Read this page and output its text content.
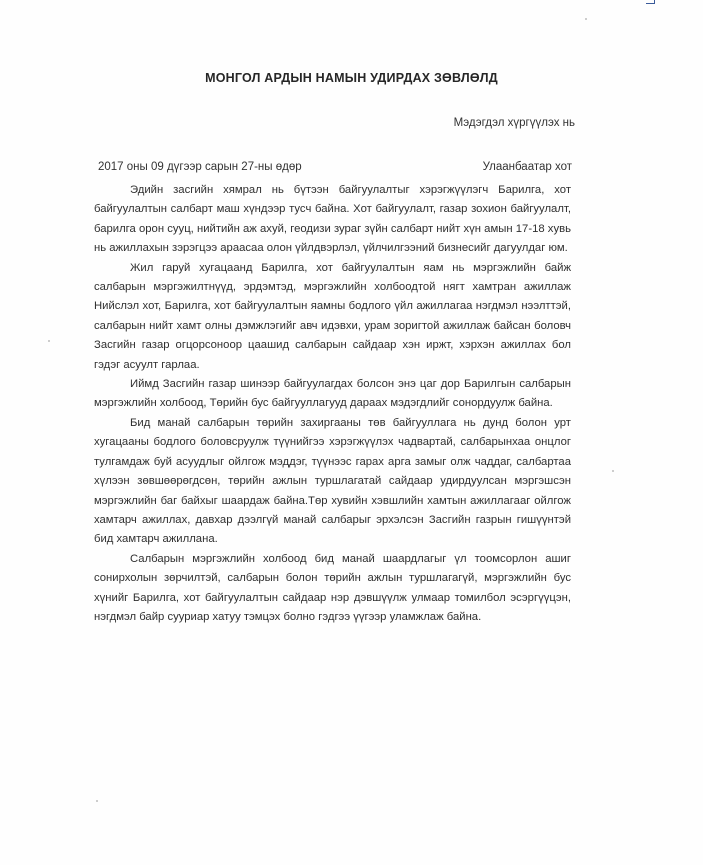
МОНГОЛ АРДЫН НАМЫН УДИРДАХ ЗӨВЛӨЛД
Мэдэгдэл хүргүүлэх нь
2017 оны 09 дүгээр сарын 27-ны өдөр	Улаанбаатар хот

Эдийн засгийн хямрал нь бүтээн байгуулалтыг хэрэгжүүлэгч Барилга, хот байгуулалтын салбарт маш хүндээр тусч байна. Хот байгуулалт, газар зохион байгуулалт, барилга орон сууц, нийтийн аж ахуй, геодизи зураг зүйн салбарт нийт хүн амын 17-18 хувь нь ажиллахын зэрэгцээ араасаа олон үйлдвэрлэл, үйлчилгээний бизнесийг дагуулдаг юм.

Жил гаруй хугацаанд Барилга, хот байгуулалтын яам нь мэргэжлийн байж салбарын мэргэжилтнүүд, эрдэмтэд, мэргэжлийн холбоодтой нягт хамтран ажиллаж Нийслэл хот, Барилга, хот байгуулалтын яамны бодлого үйл ажиллагаа нэгдмэл нээлттэй, салбарын нийт хамт олны дэмжлэгийг авч идэвхи, урам зоригтой ажиллаж байсан боловч Засгийн газар огцорсоноор цаашид салбарын сайдаар хэн иржт, хэрхэн ажиллах бол гэдэг асуулт гарлаа.

Иймд Засгийн газар шинээр байгуулагдах болсон энэ цаг дор Барилгын салбарын мэргэжлийн холбоод, Төрийн бус байгууллагууд дараах мэдэгдлийг сонордуулж байна.

Бид манай салбарын төрийн захиргааны төв байгууллага нь дунд болон урт хугацааны бодлого боловсруулж түүнийгээ хэрэгжүүлэх чадвартай, салбарынхаа онцлог тулгамдаж буй асуудлыг ойлгож мэддэг, түүнээс гарах арга замыг олж чаддаг, салбартаа хүлээн зөвшөөрөгдсөн, төрийн ажлын туршлагатай сайдаар удирдуулсан мэргэшсэн мэргэжлийн баг байхыг шаардаж байна.Төр хувийн хэвшлийн хамтын ажиллагааг ойлгож хамтарч ажиллах, давхар дээлгүй манай салбарыг эрхэлсэн Засгийн газрын гишүүнтэй бид хамтарч ажиллана.

Салбарын мэргэжлийн холбоод бид манай шаардлагыг үл тоомсорлон ашиг сонирхолын зөрчилтэй, салбарын болон төрийн ажлын туршлагагүй, мэргэжлийн бус хүнийг Барилга, хот байгуулалтын сайдаар нэр дэвшүүлж улмаар томилбол эсэргүүцэн, нэгдмэл байр сууриар хатуу тэмцэх болно гэдгээ үүгээр уламжлаж байна.
